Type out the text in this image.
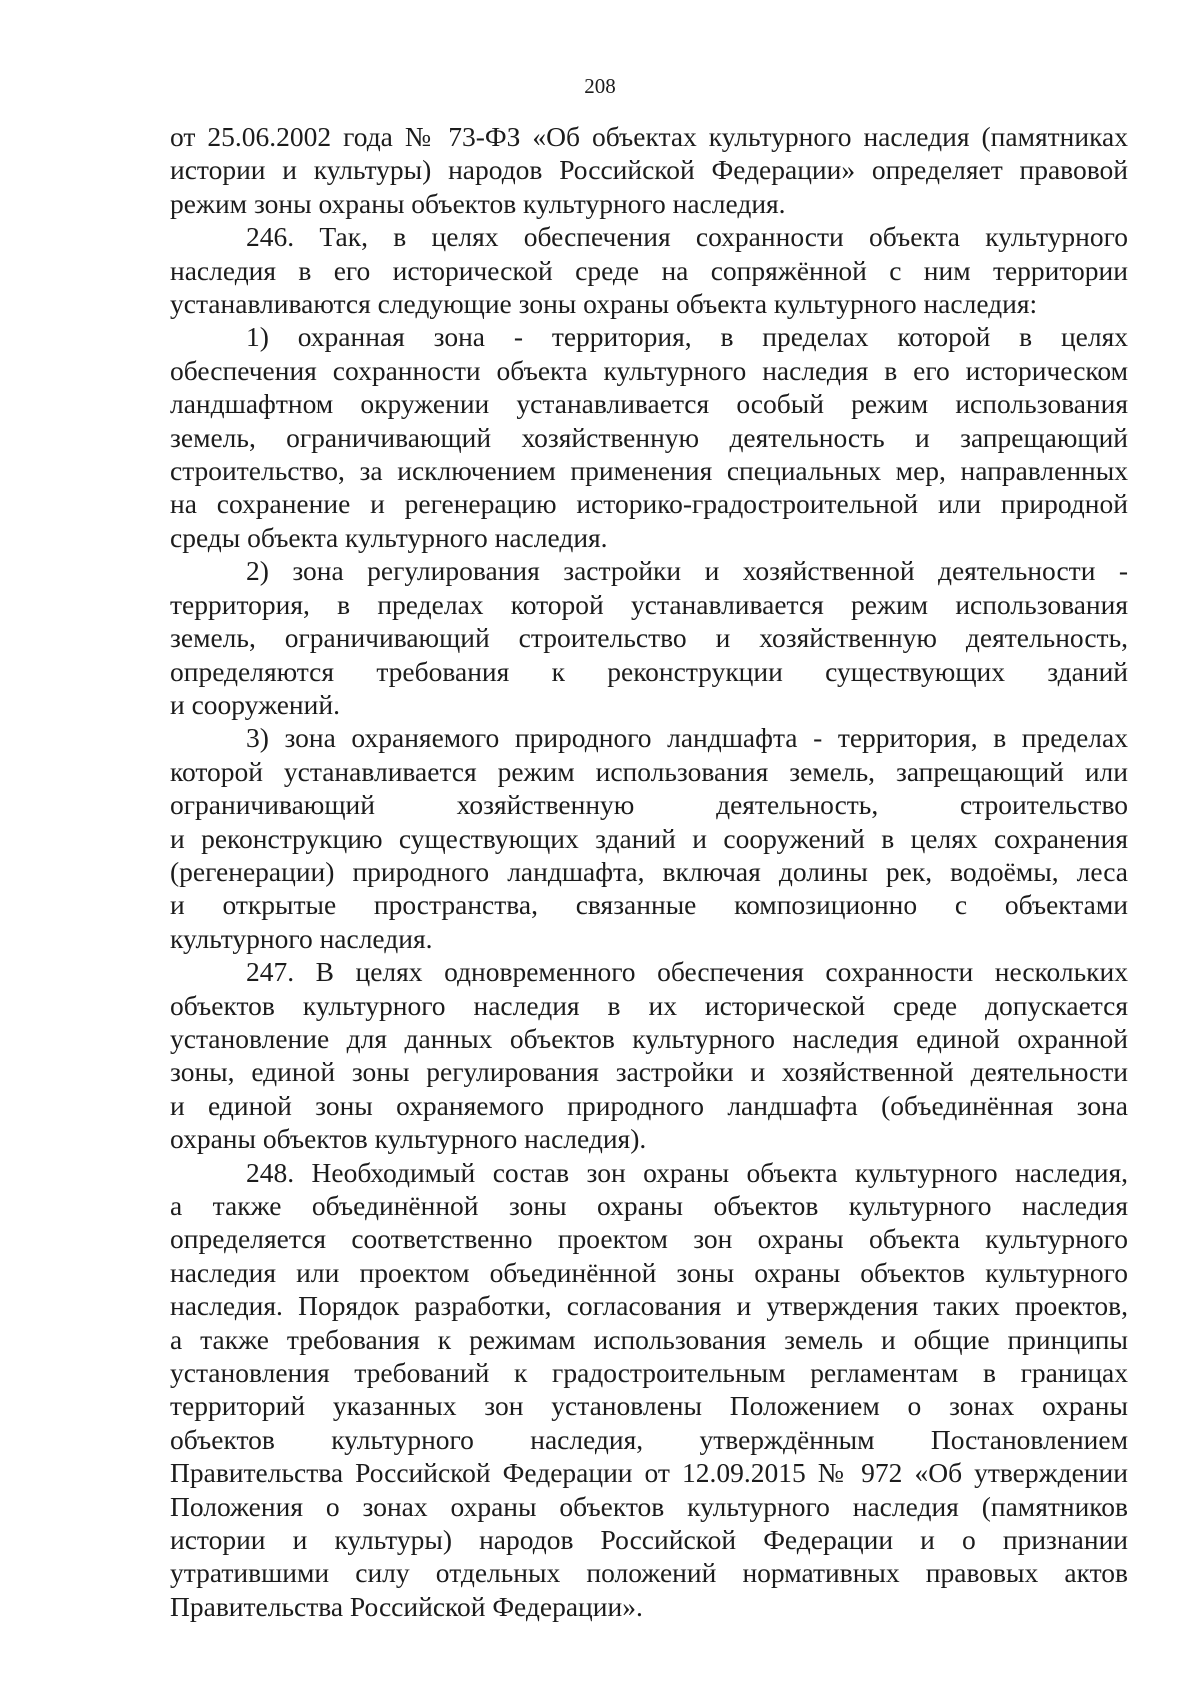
208

от 25.06.2002 года № 73-ФЗ «Об объектах культурного наследия (памятниках

истории и культуры) народов Российской Федерации» определяет правовой

режим зоны охраны объектов культурного наследия.

246. Так, в целях обеспечения сохранности объекта культурного

наследия в его исторической среде на сопряжённой с ним территории

устанавливаются следующие зоны охраны объекта культурного наследия:

1) охранная зона - территория, в пределах которой в целях

обеспечения сохранности объекта культурного наследия в его историческом

ландшафтном окружении устанавливается особый режим использования

земель, ограничивающий хозяйственную деятельность и запрещающий

строительство, за исключением применения специальных мер, направленных

на сохранение и регенерацию историко-градостроительной или природной

среды объекта культурного наследия.

2) зона регулирования застройки и хозяйственной деятельности -

территория, в пределах которой устанавливается режим использования

земель, ограничивающий строительство и хозяйственную деятельность,

определяются требования к реконструкции существующих зданий

и сооружений.

3) зона охраняемого природного ландшафта - территория, в пределах

которой устанавливается режим использования земель, запрещающий или

ограничивающий хозяйственную деятельность, строительство

и реконструкцию существующих зданий и сооружений в целях сохранения

(регенерации) природного ландшафта, включая долины рек, водоёмы, леса

и открытые пространства, связанные композиционно с объектами

культурного наследия.

247. В целях одновременного обеспечения сохранности нескольких

объектов культурного наследия в их исторической среде допускается

установление для данных объектов культурного наследия единой охранной

зоны, единой зоны регулирования застройки и хозяйственной деятельности

и единой зоны охраняемого природного ландшафта (объединённая зона

охраны объектов культурного наследия).

248. Необходимый состав зон охраны объекта культурного наследия,

а также объединённой зоны охраны объектов культурного наследия

определяется соответственно проектом зон охраны объекта культурного

наследия или проектом объединённой зоны охраны объектов культурного

наследия. Порядок разработки, согласования и утверждения таких проектов,

а также требования к режимам использования земель и общие принципы

установления требований к градостроительным регламентам в границах

территорий указанных зон установлены Положением о зонах охраны

объектов культурного наследия, утверждённым Постановлением

Правительства Российской Федерации от 12.09.2015 № 972 «Об утверждении

Положения о зонах охраны объектов культурного наследия (памятников

истории и культуры) народов Российской Федерации и о признании

утратившими силу отдельных положений нормативных правовых актов

Правительства Российской Федерации».
